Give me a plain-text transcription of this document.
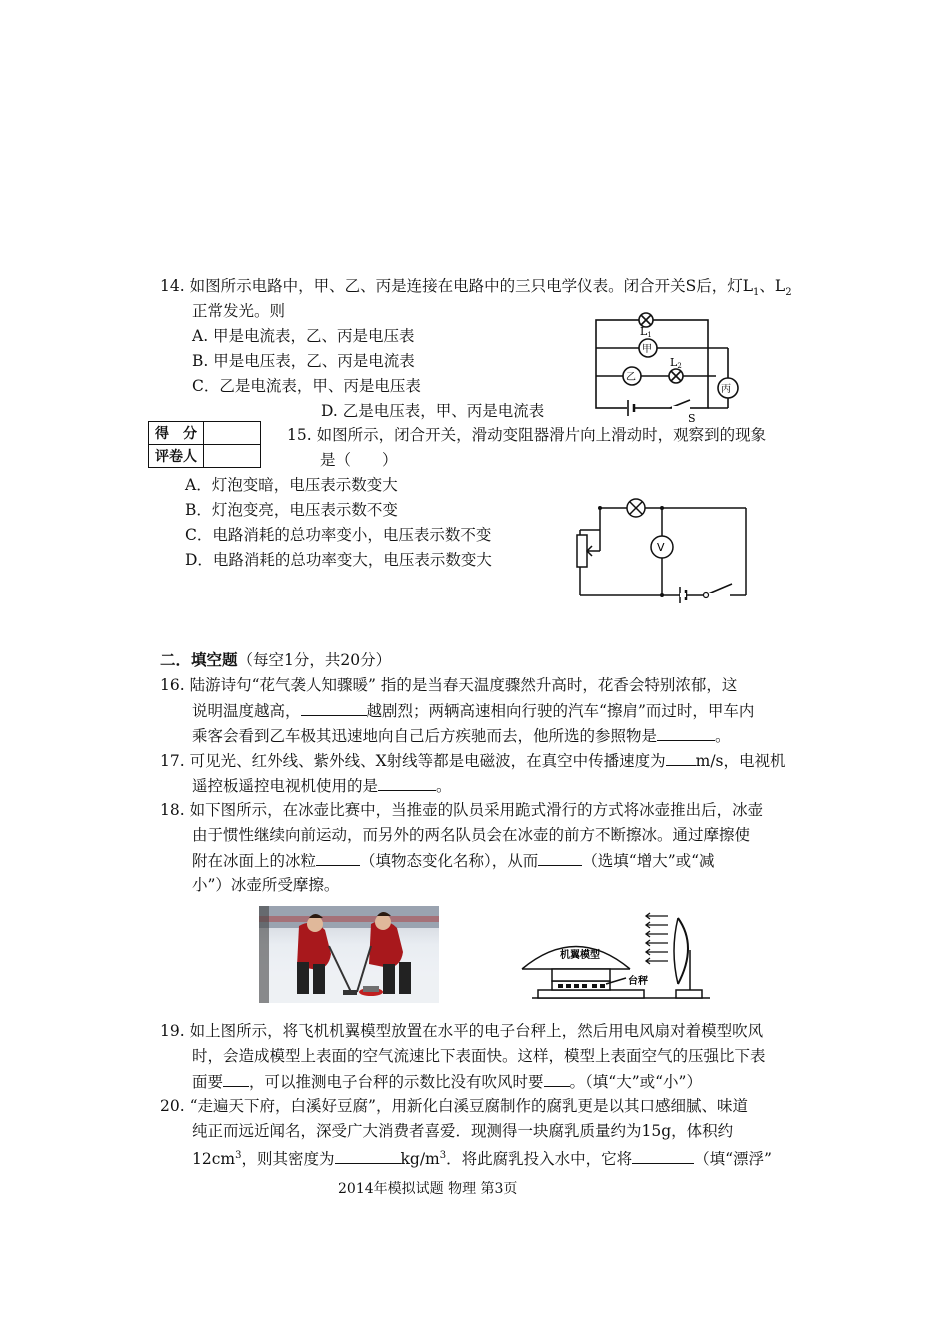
14. 如图所示电路中，甲、乙、丙是连接在电路中的三只电学仪表。闭合开关S后，灯$L_1$、$L_2$
正常发光。则
A. 甲是电流表，乙、丙是电压表
B. 甲是电压表，乙、丙是电流表
C．乙是电流表，甲、丙是电压表
D. 乙是电压表，甲、丙是电流表
L1
L2
甲
乙
丙
S
得　分	
评卷人	
15. 如图所示，闭合开关，滑动变阻器滑片向上滑动时，观察到的现象
是（　　）
A．灯泡变暗，电压表示数变大
B．灯泡变亮，电压表示数不变
C．电路消耗的总功率变小，电压表示数不变
D．电路消耗的总功率变大，电压表示数变大
V
二．填空题（每空1分，共20分）
16. 陆游诗句“花气袭人知骤暖” 指的是当春天温度骤然升高时，花香会特别浓郁，这
说明温度越高，	越剧烈；两辆高速相向行驶的汽车“擦肩”而过时，甲车内
乘客会看到乙车极其迅速地向自己后方疾驰而去，他所选的参照物是	。
17. 可见光、红外线、紫外线、X射线等都是电磁波，在真空中传播速度为 m/s，电视机
遥控板遥控电视机使用的是	。
18. 如下图所示，在冰壶比赛中，当推壶的队员采用跪式滑行的方式将冰壶推出后，冰壶
由于惯性继续向前运动，而另外的两名队员会在冰壶的前方不断擦冰。通过摩擦使
附在冰面上的冰粒	（填物态变化名称），从而	（选填“增大”或“减
小”）冰壶所受摩擦。
机翼模型
台秤
19. 如上图所示，将飞机机翼模型放置在水平的电子台秤上，然后用电风扇对着模型吹风
时，会造成模型上表面的空气流速比下表面快。这样，模型上表面空气的压强比下表
面要 ，可以推测电子台秤的示数比没有吹风时要 。（填“大”或“小”）
20. “走遍天下府，白溪好豆腐”，用新化白溪豆腐制作的腐乳更是以其口感细腻、味道
纯正而远近闻名，深受广大消费者喜爱．现测得一块腐乳质量约为15g，体积约
$12cm^3$，则其密度为	$kg/m^3$．将此腐乳投入水中，它将	（填“漂浮”
2014年模拟试题 物理 第3页
